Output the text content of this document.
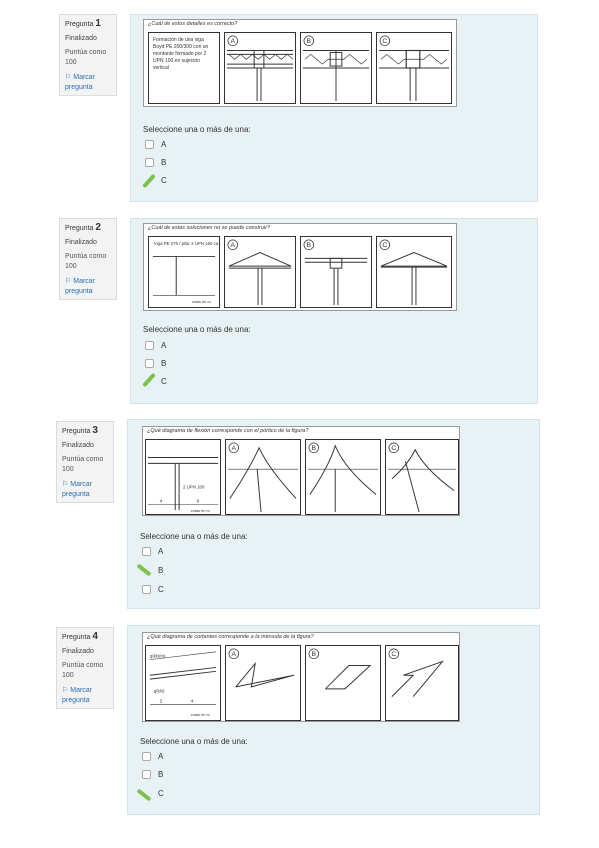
Pregunta 1
Finalizado
Puntúa como 100
⚐ Marcar pregunta
¿Cuál de estos detalles es correcto?
Formación de una viga Boyd PE 200/300 con un montante formado por 2 UPN 100 en sujeción vertical
A	B	C
Seleccione una o más de una:
A
B
C
Pregunta 2
Finalizado
Puntúa como 100
⚐ Marcar pregunta
¿Cuál de estas soluciones no se puede construir?
Viga PE 270 / pilar 2 UPN 160 ca
cotas en m
A	B	C
Seleccione una o más de una:
A
B
C
Pregunta 3
Finalizado
Puntúa como 100
⚐ Marcar pregunta
¿Qué diagrama de flexión corresponde con el pórtico de la figura?
2 UPN 100
4	6
cotas en m
A	B	C
Seleccione una o más de una:
A
B
C
Pregunta 4
Finalizado
Puntúa como 100
⚐ Marcar pregunta
¿Qué diagrama de cortantes corresponde a la ménsula de la figura?
q(kN/m)
q(kN)
2	4
cotas en m
A	B	C
Seleccione una o más de una:
A
B
C
